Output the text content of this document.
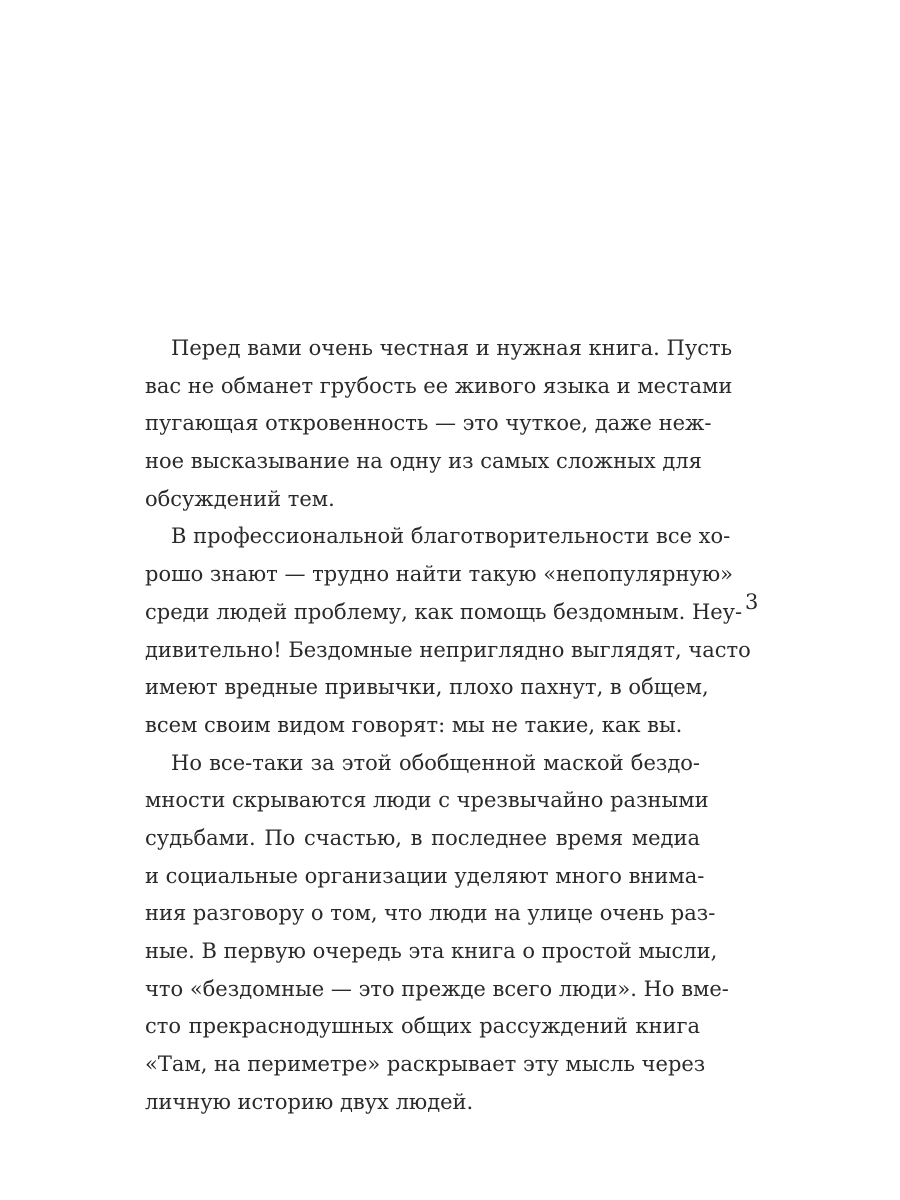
Перед вами очень честная и нужная книга. Пусть
вас не обманет грубость ее живого языка и местами
пугающая откровенность — это чуткое, даже неж-
ное высказывание на одну из самых сложных для
обсуждений тем.
В профессиональной благотворительности все хо-
рошо знают — трудно найти такую «непопулярную»
среди людей проблему, как помощь бездомным. Неу-
дивительно! Бездомные неприглядно выглядят, часто
имеют вредные привычки, плохо пахнут, в общем,
всем своим видом говорят: мы не такие, как вы.
Но все-таки за этой обобщенной маской бездо-
мности скрываются люди с чрезвычайно разными
судьбами. По счастью, в последнее время медиа
и социальные организации уделяют много внима-
ния разговору о том, что люди на улице очень раз-
ные. В первую очередь эта книга о простой мысли,
что «бездомные — это прежде всего люди». Но вме-
сто прекраснодушных общих рассуждений книга
«Там, на периметре» раскрывает эту мысль через
личную историю двух людей.
3
